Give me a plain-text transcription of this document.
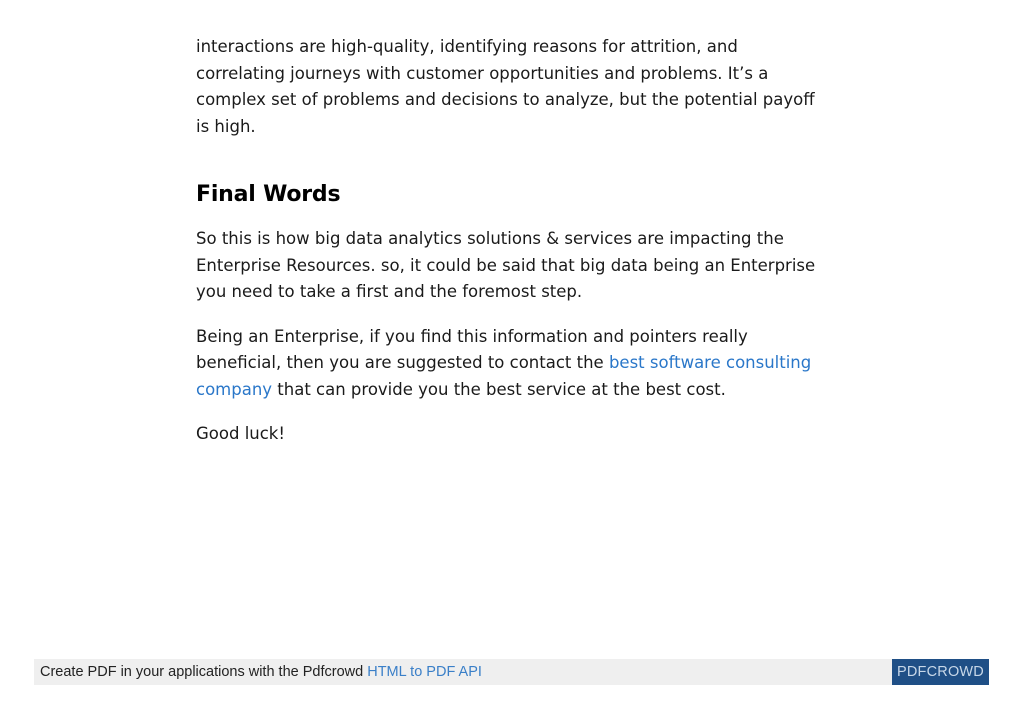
interactions are high-quality, identifying reasons for attrition, and correlating journeys with customer opportunities and problems. It’s a complex set of problems and decisions to analyze, but the potential payoff is high.

Final Words

So this is how big data analytics solutions & services are impacting the Enterprise Resources. so, it could be said that big data being an Enterprise you need to take a first and the foremost step.

Being an Enterprise, if you find this information and pointers really beneficial, then you are suggested to contact the best software consulting company that can provide you the best service at the best cost.

Good luck!

Create PDF in your applications with the Pdfcrowd HTML to PDF API	PDFCROWD
